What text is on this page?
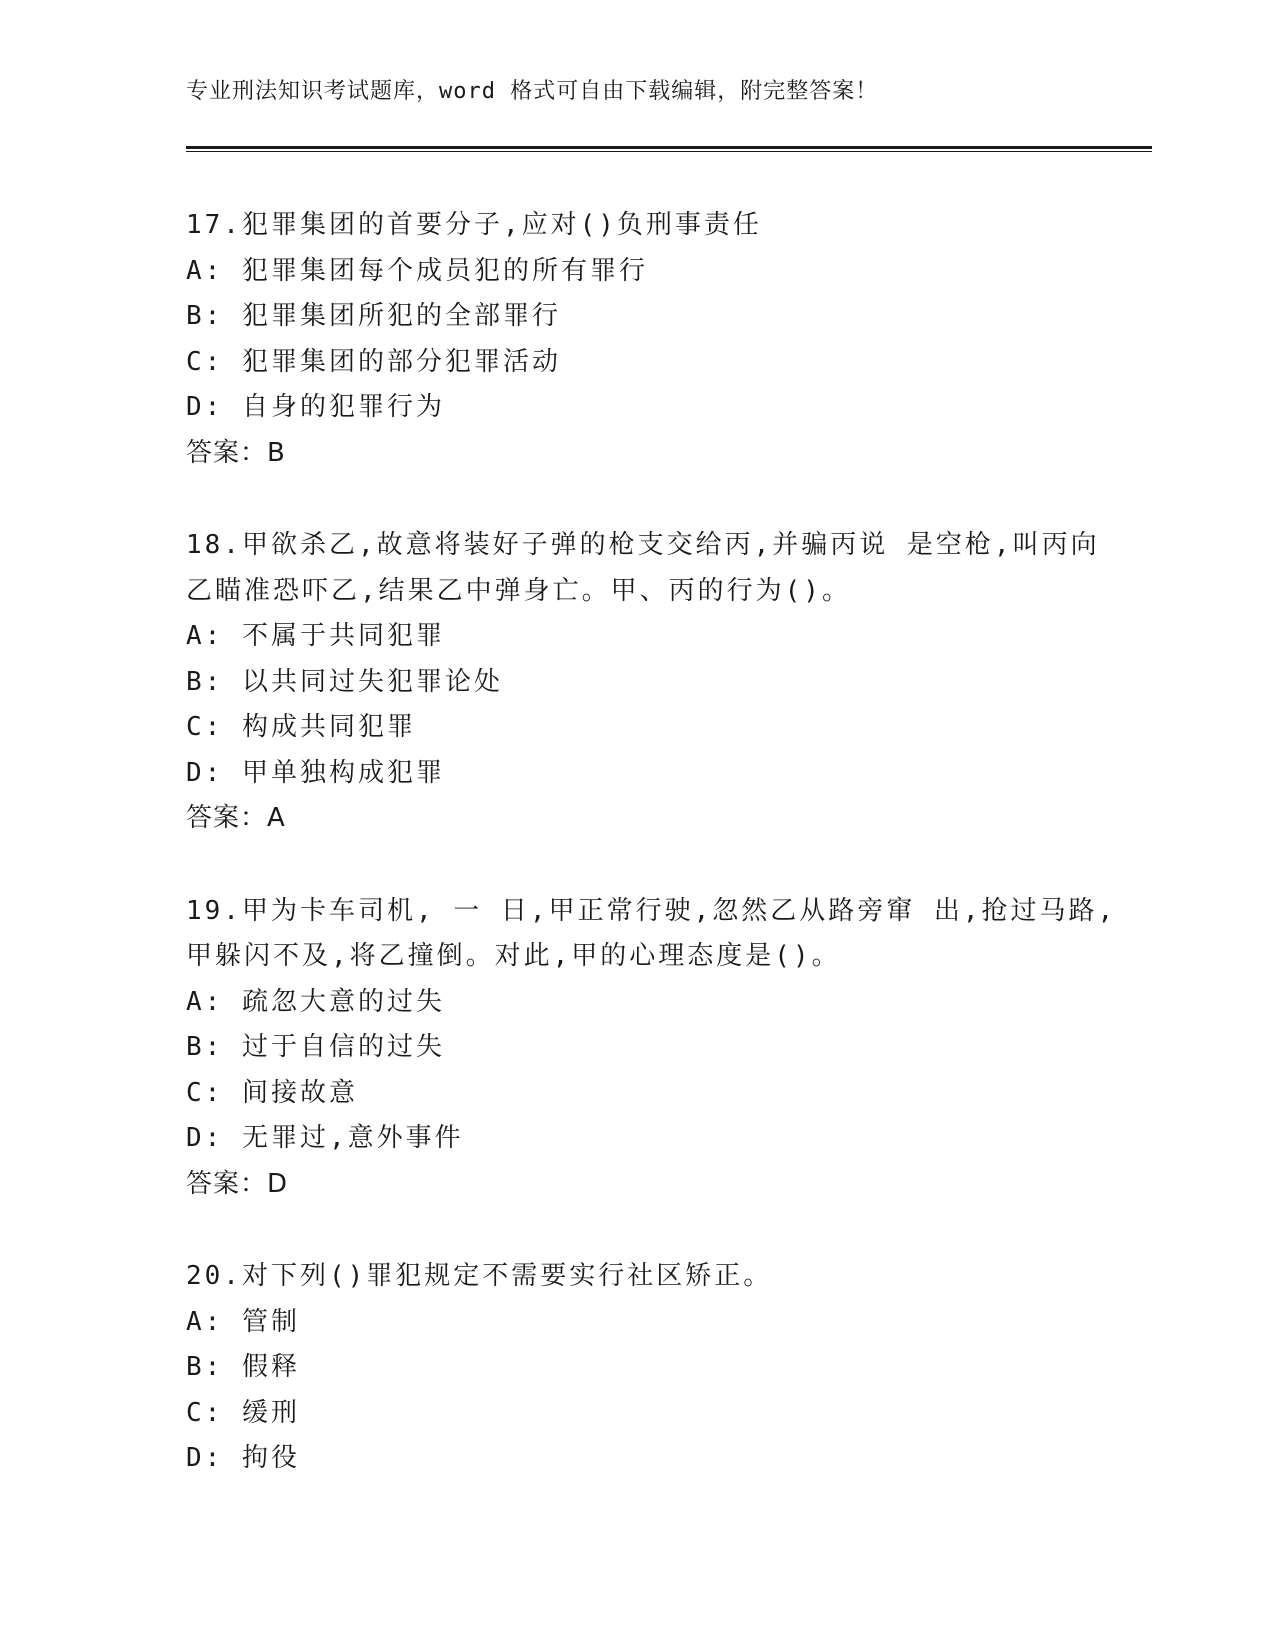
专业刑法知识考试题库，word 格式可自由下载编辑，附完整答案！
17.犯罪集团的首要分子,应对()负刑事责任
A: 犯罪集团每个成员犯的所有罪行
B: 犯罪集团所犯的全部罪行
C: 犯罪集团的部分犯罪活动
D: 自身的犯罪行为
答案：B
18.甲欲杀乙,故意将装好子弹的枪支交给丙,并骗丙说 是空枪,叫丙向
乙瞄准恐吓乙,结果乙中弹身亡。甲、丙的行为()。
A: 不属于共同犯罪
B: 以共同过失犯罪论处
C: 构成共同犯罪
D: 甲单独构成犯罪
答案：A
19.甲为卡车司机, 一 日,甲正常行驶,忽然乙从路旁窜 出,抢过马路,
甲躲闪不及,将乙撞倒。对此,甲的心理态度是()。
A: 疏忽大意的过失
B: 过于自信的过失
C: 间接故意
D: 无罪过,意外事件
答案：D
20.对下列()罪犯规定不需要实行社区矫正。
A: 管制
B: 假释
C: 缓刑
D: 拘役
